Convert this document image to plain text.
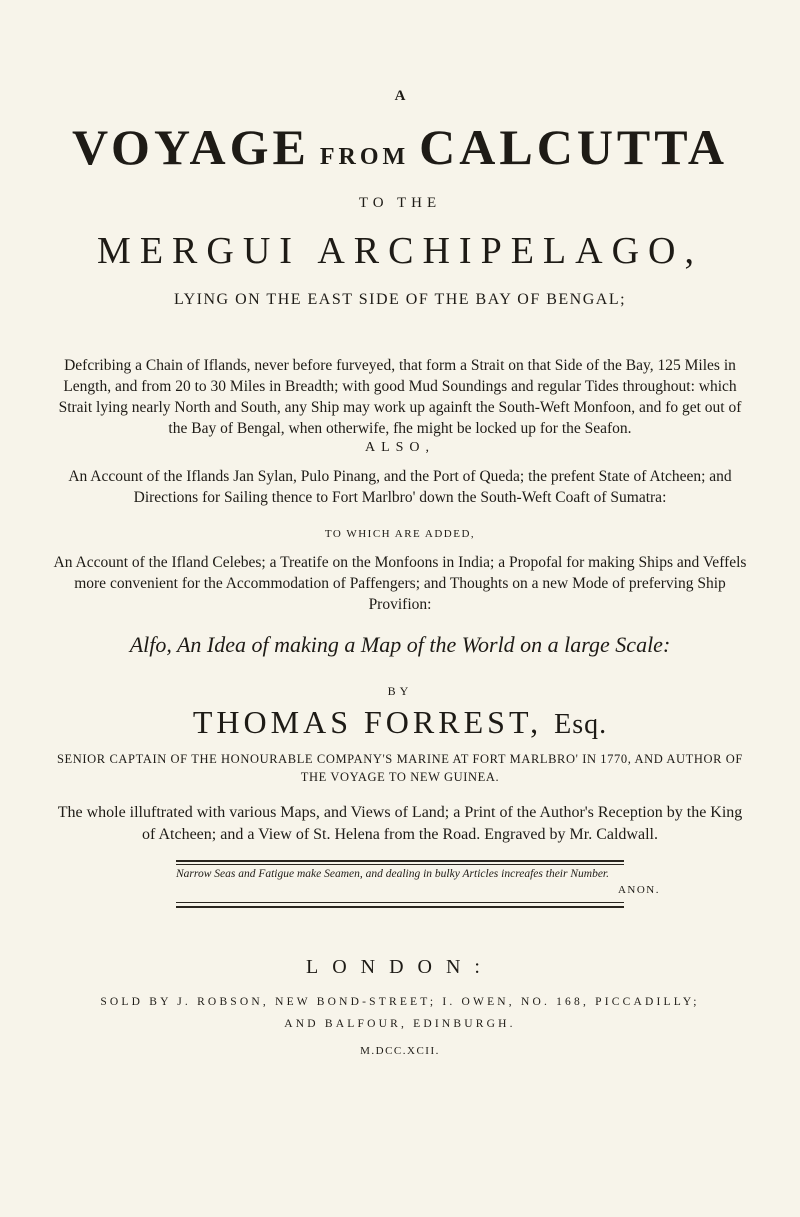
A
VOYAGE FROM CALCUTTA
TO THE
MERGUI ARCHIPELAGO,
LYING ON THE EAST SIDE OF THE BAY OF BENGAL;
Defcribing a Chain of Iflands, never before furveyed, that form a Strait on that Side of the Bay, 125 Miles in Length, and from 20 to 30 Miles in Breadth; with good Mud Soundings and regular Tides throughout: which Strait lying nearly North and South, any Ship may work up againft the South-Weft Monfoon, and fo get out of the Bay of Bengal, when otherwife, fhe might be locked up for the Seafon.
ALSO,
An Account of the Iflands Jan Sylan, Pulo Pinang, and the Port of Queda; the prefent State of Atcheen; and Directions for Sailing thence to Fort Marlbro' down the South-Weft Coaft of Sumatra:
TO WHICH ARE ADDED,
An Account of the Ifland Celebes; a Treatife on the Monfoons in India; a Propofal for making Ships and Veffels more convenient for the Accommodation of Paffengers; and Thoughts on a new Mode of preferving Ship Provifion:
Alfo, An Idea of making a Map of the World on a large Scale:
BY
THOMAS FORREST, Esq.
SENIOR CAPTAIN OF THE HONOURABLE COMPANY'S MARINE AT FORT MARLBRO' IN 1770, AND AUTHOR OF THE VOYAGE TO NEW GUINEA.
The whole illuftrated with various Maps, and Views of Land; a Print of the Author's Reception by the King of Atcheen; and a View of St. Helena from the Road. Engraved by Mr. Caldwall.
Narrow Seas and Fatigue make Seamen, and dealing in bulky Articles increafes their Number.
ANON.
LONDON:
SOLD BY J. ROBSON, NEW BOND-STREET; I. OWEN, NO. 168, PICCADILLY;
AND BALFOUR, EDINBURGH.
M.DCC.XCII.
